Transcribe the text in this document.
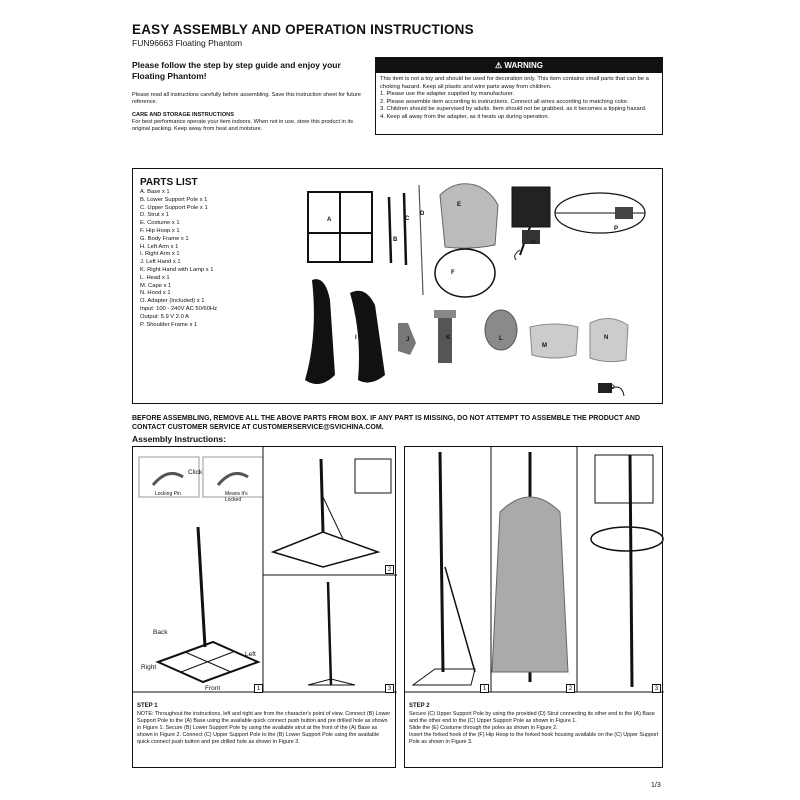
EASY ASSEMBLY AND OPERATION INSTRUCTIONS
FUN96663 Floating Phantom
Please follow the step by step guide and enjoy your
Floating Phantom!
Please read all instructions carefully before assembling. Save this instruction sheet for future reference.
CARE AND STORAGE INSTRUCTIONS
For best performance operate your item indoors. When not in use, store this product in its original packing. Keep away from heat and moisture.
⚠ WARNING
This item is not a toy and should be used for decoration only. This item contains small parts that can be a choking hazard. Keep all plastic and wire parts away from children.
1. Please use the adapter supplied by manufacturer.
2. Please assemble item according to instructions. Connect all wires according to matching color.
3. Children should be supervised by adults. Item should not be grabbed, as it becomes a tipping hazard.
4. Keep all away from the adapter, as it heats up during operation.
PARTS LIST
A. Base x 1
B. Lower Support Pole x 1
C. Upper Support Pole x 1
D. Strut x 1
E. Costume x 1
F. Hip Hoop x 1
G. Body Frame x 1
H. Left Arm x 1
I. Right Arm x 1
J. Left Hand x 1
K. Right Hand with Lamp x 1
L. Head x 1
M. Cape x 1
N. Hood x 1
O. Adapter (Included) x 1
Input: 100 - 240V AC 50/60Hz
Output: 5.9 V 2.0 A
P. Shoulder Frame x 1
A
B
C
D
E
F
G
H
I	J	K	L
M
N
O
P
BEFORE ASSEMBLING, REMOVE ALL THE ABOVE PARTS FROM BOX. IF ANY PART IS MISSING, DO NOT ATTEMPT TO ASSEMBLE THE PRODUCT AND CONTACT CUSTOMER SERVICE AT CUSTOMERSERVICE@SVICHINA.COM.
Assembly Instructions:
Click
Locking Pin	Means It's Locked
Back
Left
Right
Front	1
2
3
STEP 1
NOTE: Throughout the instructions, left and right are from the character's point of view. Connect (B) Lower Support Pole to the (A) Base using the available quick connect push button and pre drilled hole as shown in Figure 1. Secure (B) Lower Support Pole by using the available strut at the front of the (A) Base as shown in Figure 2. Connect (C) Upper Support Pole to the (B) Lower Support Pole using the available quick connect push button and pre drilled hole as shown in Figure 3.
1	2	3
STEP 2
Secure (C) Upper Support Pole by using the provided (D) Strut connecting its other end to the (A) Base and the other end to the (C) Upper Support Pole as shown in Figure 1.
Slide the (E) Costume through the poles as shown in Figure 2.
Insert the forked hook of the (F) Hip Hoop to the forked hook housing available on the (C) Upper Support Pole as shown in Figure 3.
1/3
